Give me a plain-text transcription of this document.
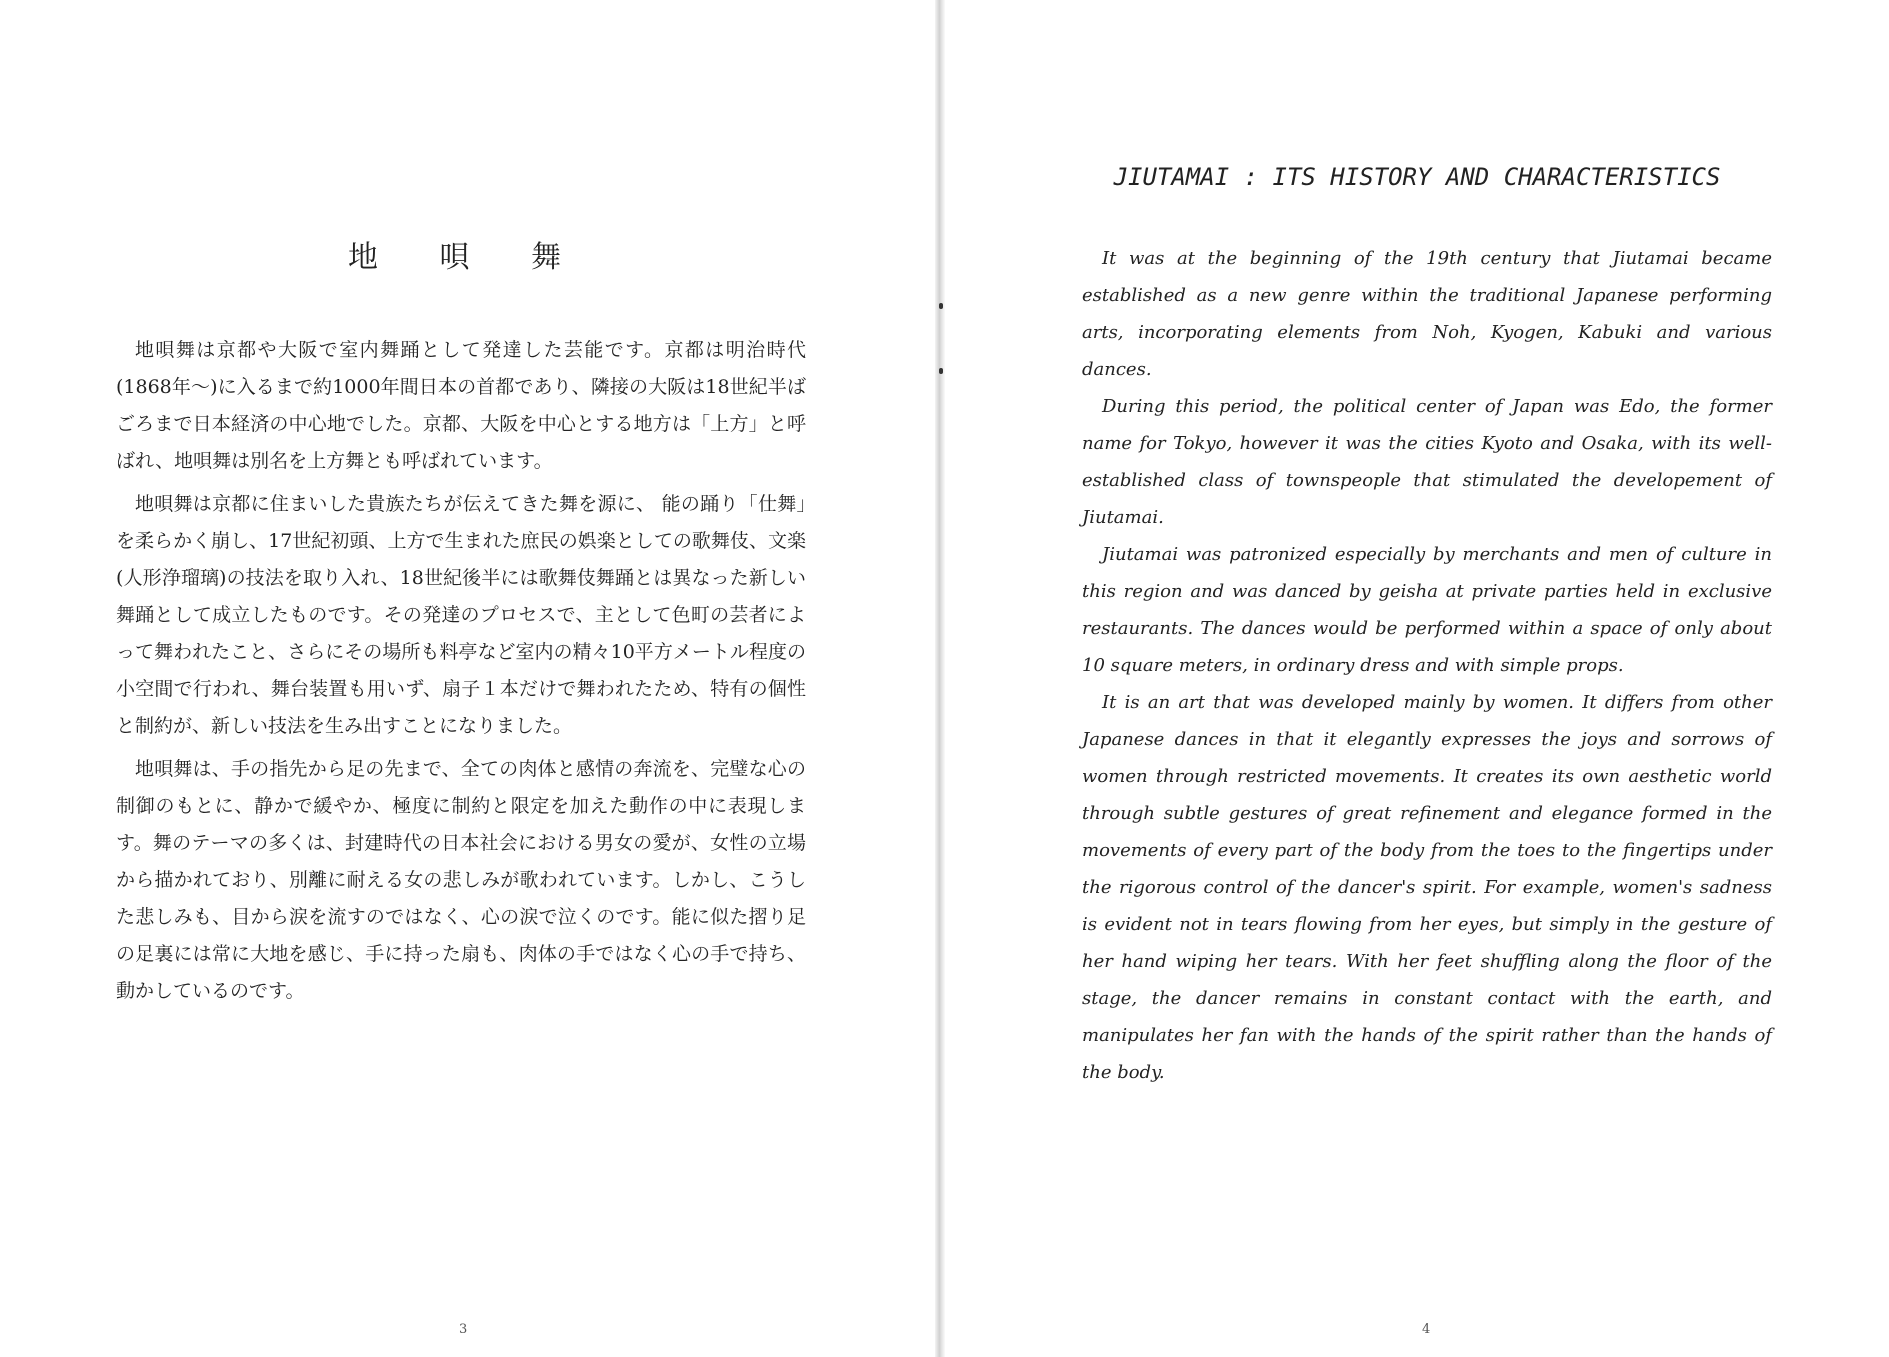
地 唄 舞

地唄舞は京都や大阪で室内舞踊として発達した芸能です。京都は明治時代(1868年〜)に入るまで約1000年間日本の首都であり、隣接の大阪は18世紀半ばごろまで日本経済の中心地でした。京都、大阪を中心とする地方は「上方」と呼ばれ、地唄舞は別名を上方舞とも呼ばれています。

地唄舞は京都に住まいした貴族たちが伝えてきた舞を源に、 能の踊り「仕舞」を柔らかく崩し、17世紀初頭、上方で生まれた庶民の娯楽としての歌舞伎、文楽(人形浄瑠璃)の技法を取り入れ、18世紀後半には歌舞伎舞踊とは異なった新しい舞踊として成立したものです。その発達のプロセスで、主として色町の芸者によって舞われたこと、さらにその場所も料亭など室内の精々10平方メートル程度の小空間で行われ、舞台装置も用いず、扇子１本だけで舞われたため、特有の個性と制約が、新しい技法を生み出すことになりました。

地唄舞は、手の指先から足の先まで、全ての肉体と感情の奔流を、完璧な心の制御のもとに、静かで緩やか、極度に制約と限定を加えた動作の中に表現します。舞のテーマの多くは、封建時代の日本社会における男女の愛が、女性の立場から描かれており、別離に耐える女の悲しみが歌われています。しかし、こうした悲しみも、目から涙を流すのではなく、心の涙で泣くのです。能に似た摺り足の足裏には常に大地を感じ、手に持った扇も、肉体の手ではなく心の手で持ち、動かしているのです。

3
JIUTAMAI : ITS HISTORY AND CHARACTERISTICS

It was at the beginning of the 19th century that Jiutamai became established as a new genre within the traditional Japanese performing arts, incorporating elements from Noh, Kyogen, Kabuki and various dances.

During this period, the political center of Japan was Edo, the former name for Tokyo, however it was the cities Kyoto and Osaka, with its well-established class of townspeople that stimulated the developement of Jiutamai.

Jiutamai was patronized especially by merchants and men of culture in this region and was danced by geisha at private parties held in exclusive restaurants. The dances would be performed within a space of only about 10 square meters, in ordinary dress and with simple props.

It is an art that was developed mainly by women. It differs from other Japanese dances in that it elegantly expresses the joys and sorrows of women through restricted movements. It creates its own aesthetic world through subtle gestures of great refinement and elegance formed in the movements of every part of the body from the toes to the fingertips under the rigorous control of the dancer's spirit. For example, women's sadness is evident not in tears flowing from her eyes, but simply in the gesture of her hand wiping her tears. With her feet shuffling along the floor of the stage, the dancer remains in constant contact with the earth, and manipulates her fan with the hands of the spirit rather than the hands of the body.

4
